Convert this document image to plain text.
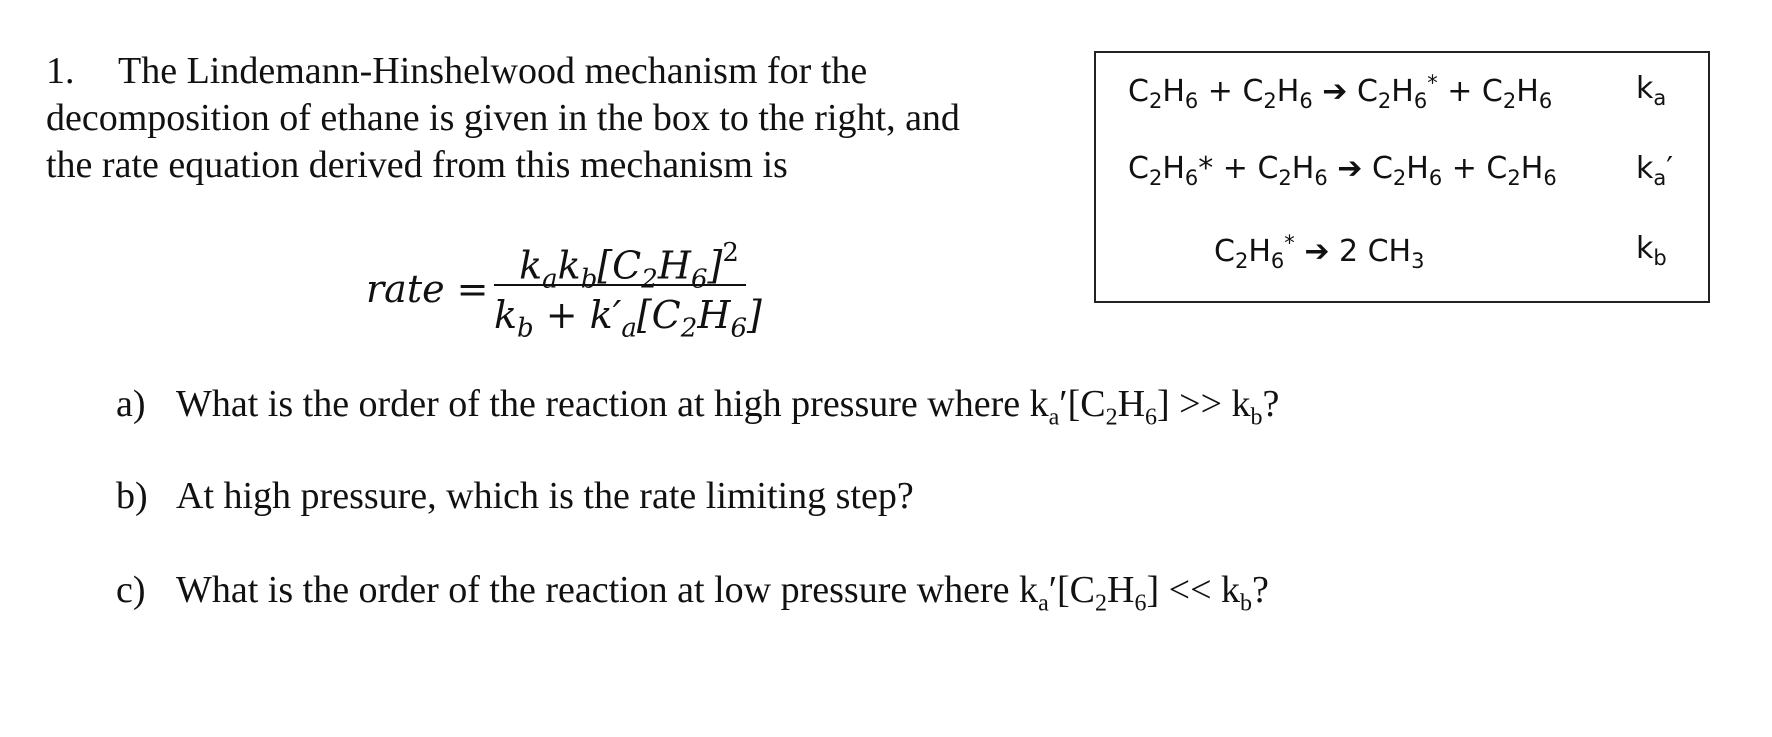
1. The Lindemann-Hinshelwood mechanism for the
decomposition of ethane is given in the box to the right, and
the rate equation derived from this mechanism is
rate =
$k_ak_b[C_2H_6]^2$
$k_b + k'_a[C_2H_6]$
$C_2H_6 + C_2H_6$ ➔ $C_2H_6^* + C_2H_6$	$k_a$
$C_2H_6* + C_2H_6$ ➔ $C_2H_6 + C_2H_6$	$k_a'$
$C_2H_6^*$ ➔ 2 $CH_3$	$k_b$
a) What is the order of the reaction at high pressure where $k_a'[C_2H_6] >> k_b$?
b) At high pressure, which is the rate limiting step?
c) What is the order of the reaction at low pressure where $k_a'[C_2H_6] << k_b$?
